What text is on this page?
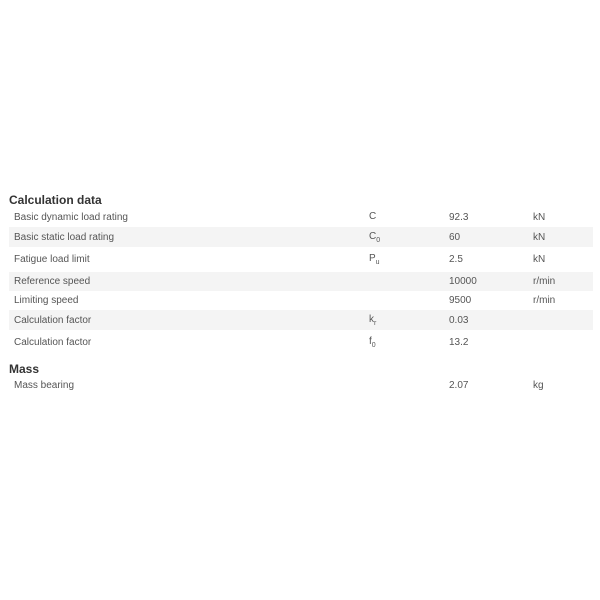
Calculation data
Basic dynamic load rating	C	92.3	kN
Basic static load rating	$C_0$	60	kN
Fatigue load limit	$P_u$	2.5	kN
Reference speed		10000	r/min
Limiting speed		9500	r/min
Calculation factor	$k_r$	0.03	
Calculation factor	$f_0$	13.2	
Mass
Mass bearing		2.07	kg
